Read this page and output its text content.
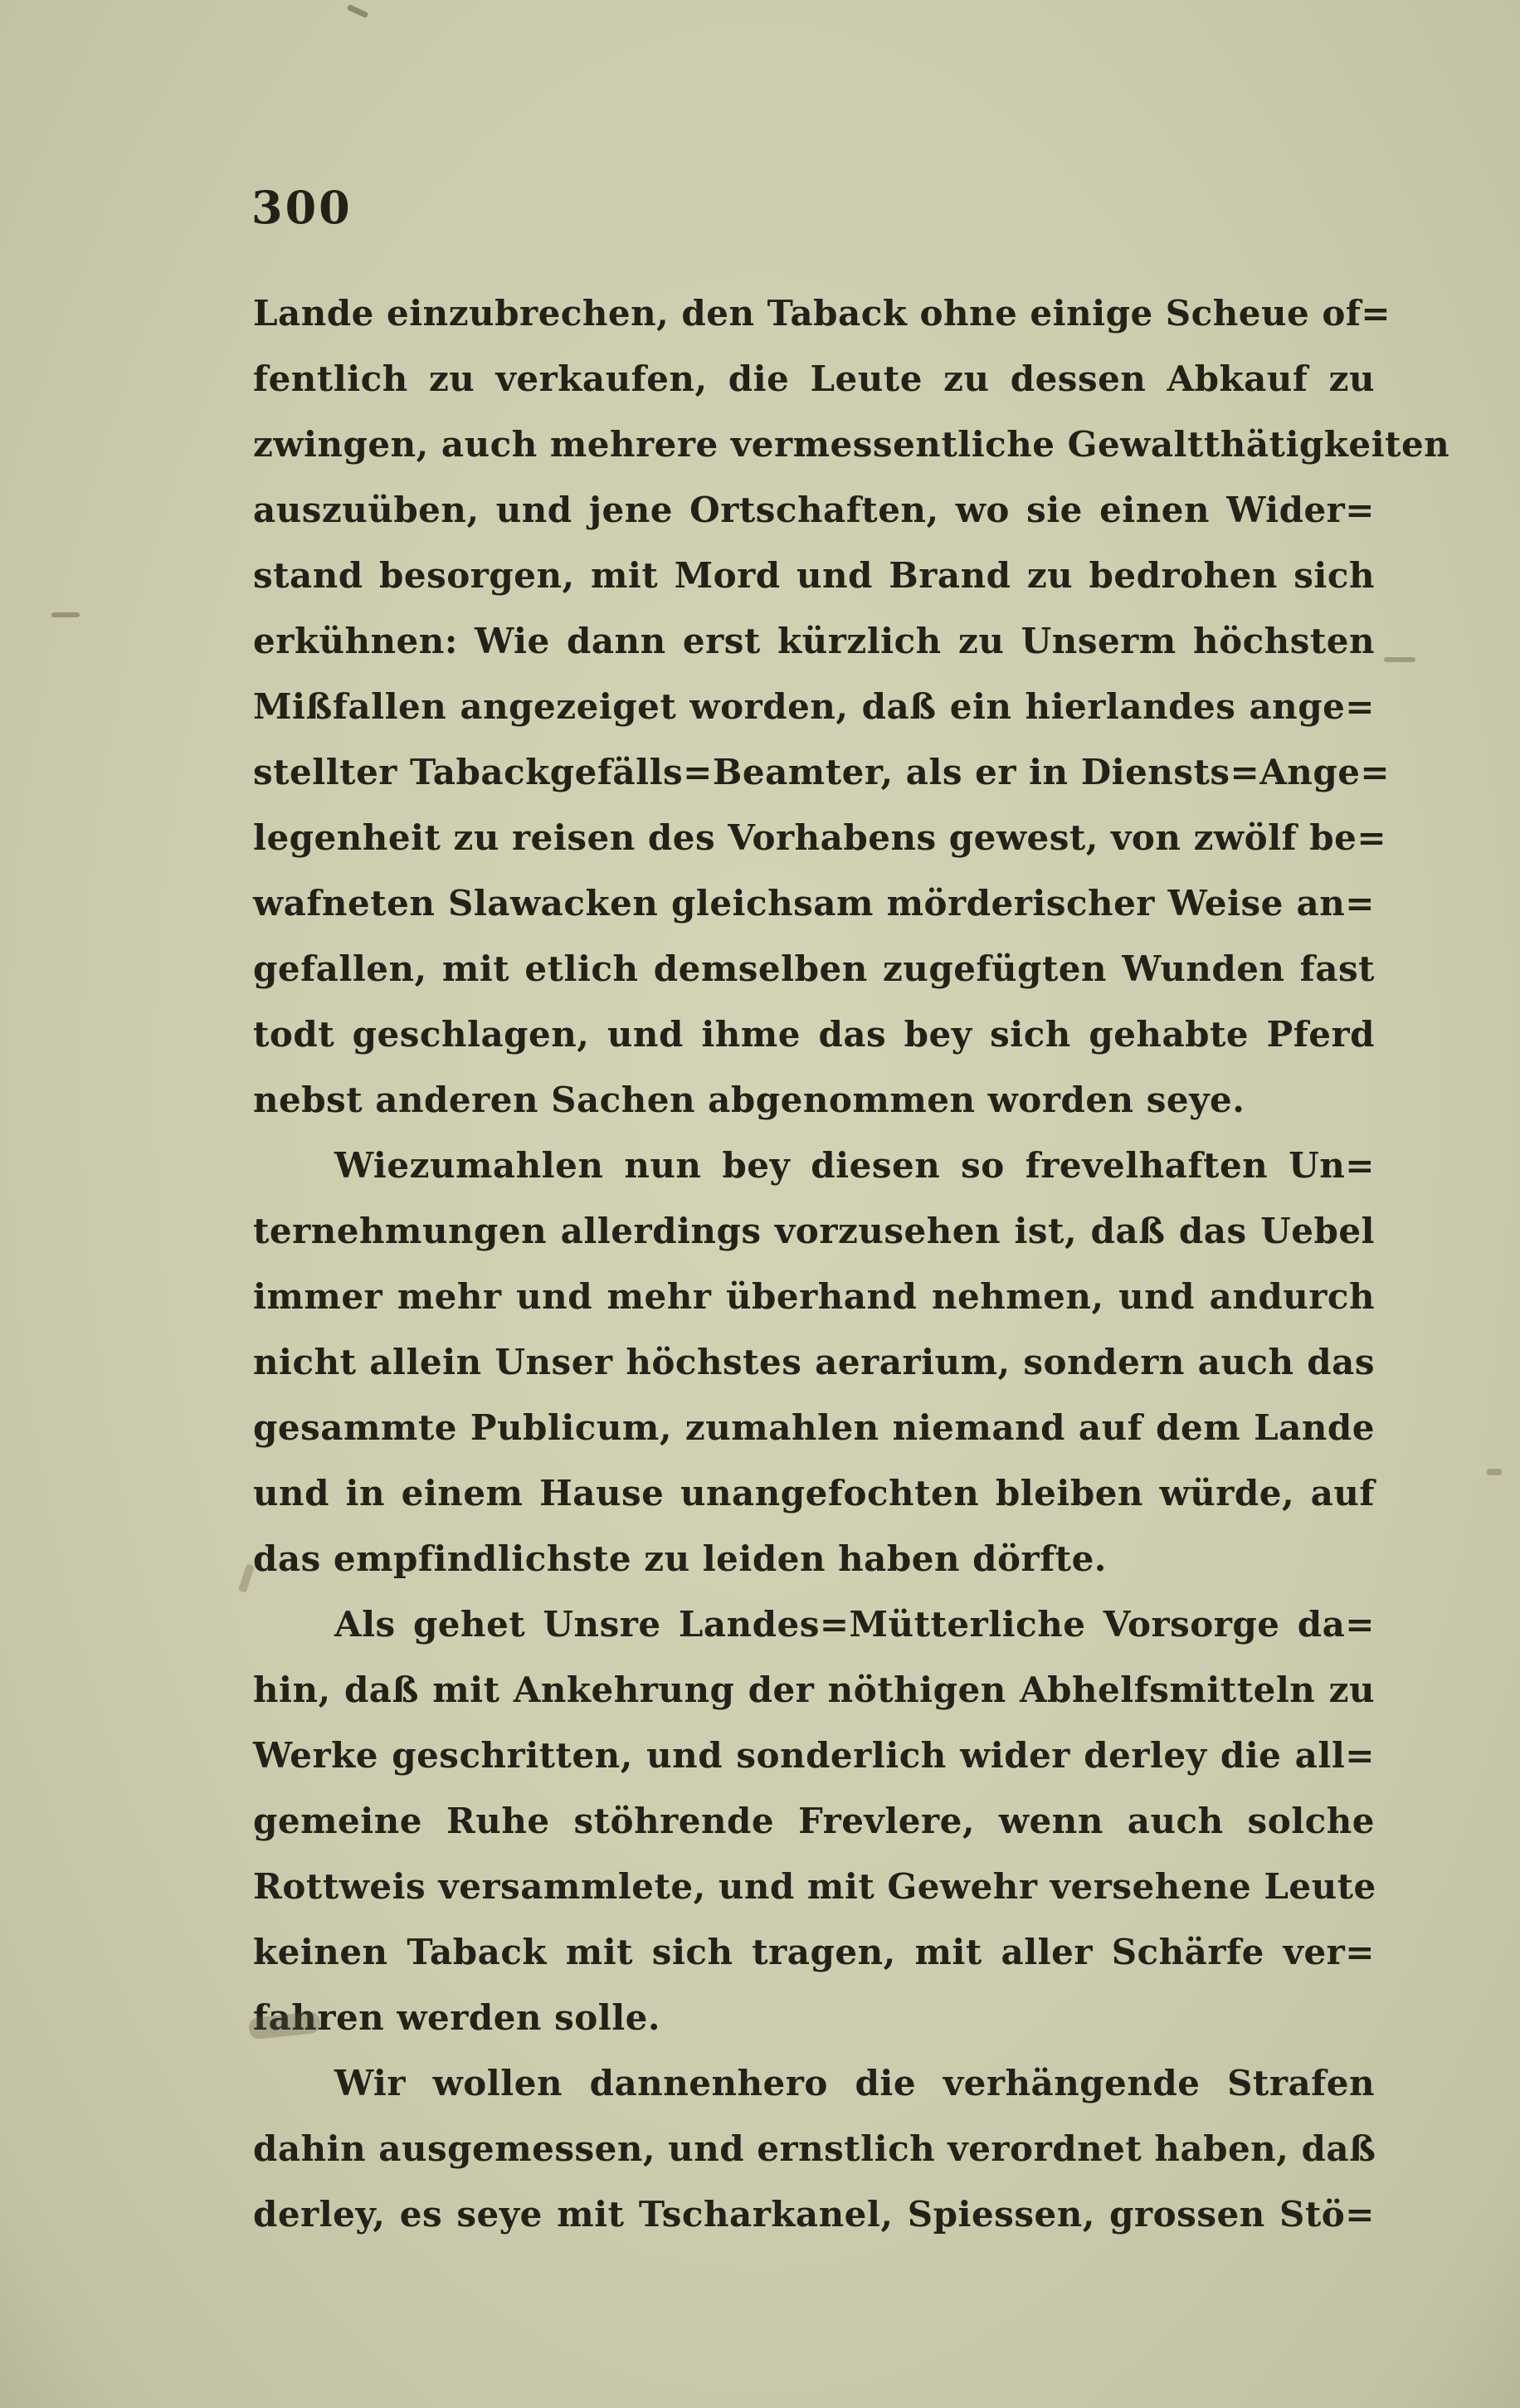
300
Lande einzubrechen, den Taback ohne einige Scheue of=
fentlich zu verkaufen, die Leute zu dessen Abkauf zu
zwingen, auch mehrere vermessentliche Gewaltthätigkeiten
auszuüben, und jene Ortschaften, wo sie einen Wider=
stand besorgen, mit Mord und Brand zu bedrohen sich
erkühnen: Wie dann erst kürzlich zu Unserm höchsten
Mißfallen angezeiget worden, daß ein hierlandes ange=
stellter Tabackgefälls=Beamter, als er in Diensts=Ange=
legenheit zu reisen des Vorhabens gewest, von zwölf be=
wafneten Slawacken gleichsam mörderischer Weise an=
gefallen, mit etlich demselben zugefügten Wunden fast
todt geschlagen, und ihme das bey sich gehabte Pferd
nebst anderen Sachen abgenommen worden seye.
Wiezumahlen nun bey diesen so frevelhaften Un=
ternehmungen allerdings vorzusehen ist, daß das Uebel
immer mehr und mehr überhand nehmen, und andurch
nicht allein Unser höchstes aerarium, sondern auch das
gesammte Publicum, zumahlen niemand auf dem Lande
und in einem Hause unangefochten bleiben würde, auf
das empfindlichste zu leiden haben dörfte.
Als gehet Unsre Landes=Mütterliche Vorsorge da=
hin, daß mit Ankehrung der nöthigen Abhelfsmitteln zu
Werke geschritten, und sonderlich wider derley die all=
gemeine Ruhe stöhrende Frevlere, wenn auch solche
Rottweis versammlete, und mit Gewehr versehene Leute
keinen Taback mit sich tragen, mit aller Schärfe ver=
fahren werden solle.
Wir wollen dannenhero die verhängende Strafen
dahin ausgemessen, und ernstlich verordnet haben, daß
derley, es seye mit Tscharkanel, Spiessen, grossen Stö=
